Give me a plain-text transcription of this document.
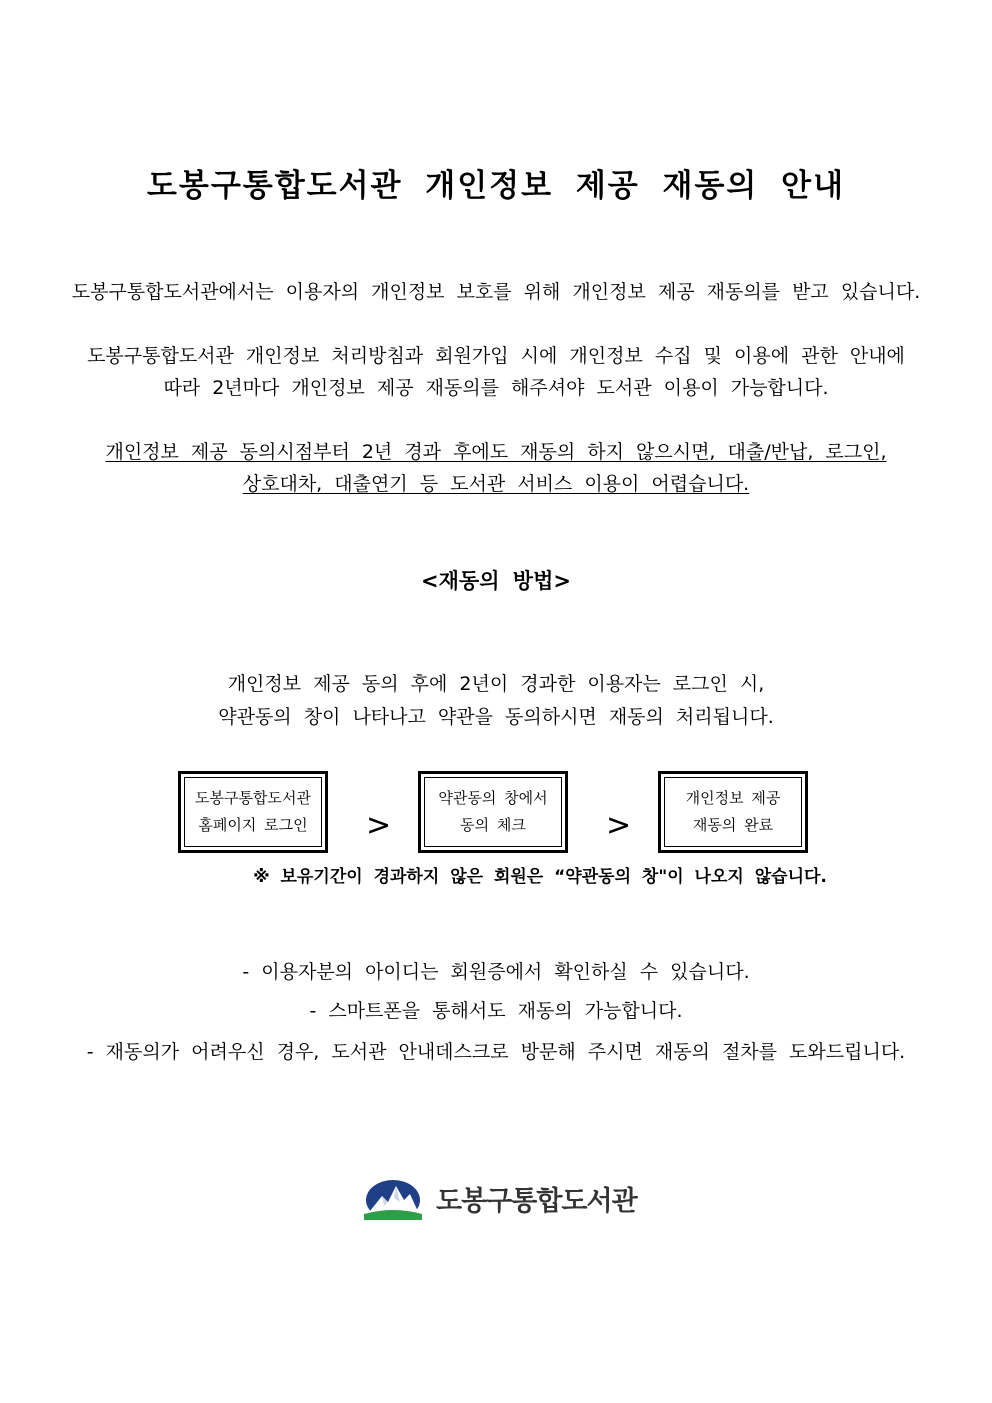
도봉구통합도서관 개인정보 제공 재동의 안내
도봉구통합도서관에서는 이용자의 개인정보 보호를 위해 개인정보 제공 재동의를 받고 있습니다.
도봉구통합도서관 개인정보 처리방침과 회원가입 시에 개인정보 수집 및 이용에 관한 안내에
따라 2년마다 개인정보 제공 재동의를 해주셔야 도서관 이용이 가능합니다.
개인정보 제공 동의시점부터 2년 경과 후에도 재동의 하지 않으시면, 대출/반납, 로그인,
상호대차, 대출연기 등 도서관 서비스 이용이 어렵습니다.
<재동의 방법>
개인정보 제공 동의 후에 2년이 경과한 이용자는 로그인 시,
약관동의 창이 나타나고 약관을 동의하시면 재동의 처리됩니다.
도봉구통합도서관
홈페이지 로그인 >
약관동의 창에서
동의 체크	>
개인정보 제공
재동의 완료
※ 보유기간이 경과하지 않은 회원은 “약관동의 창"이 나오지 않습니다.
- 이용자분의 아이디는 회원증에서 확인하실 수 있습니다.
- 스마트폰을 통해서도 재동의 가능합니다.
- 재동의가 어려우신 경우, 도서관 안내데스크로 방문해 주시면 재동의 절차를 도와드립니다.
도봉구통합도서관
